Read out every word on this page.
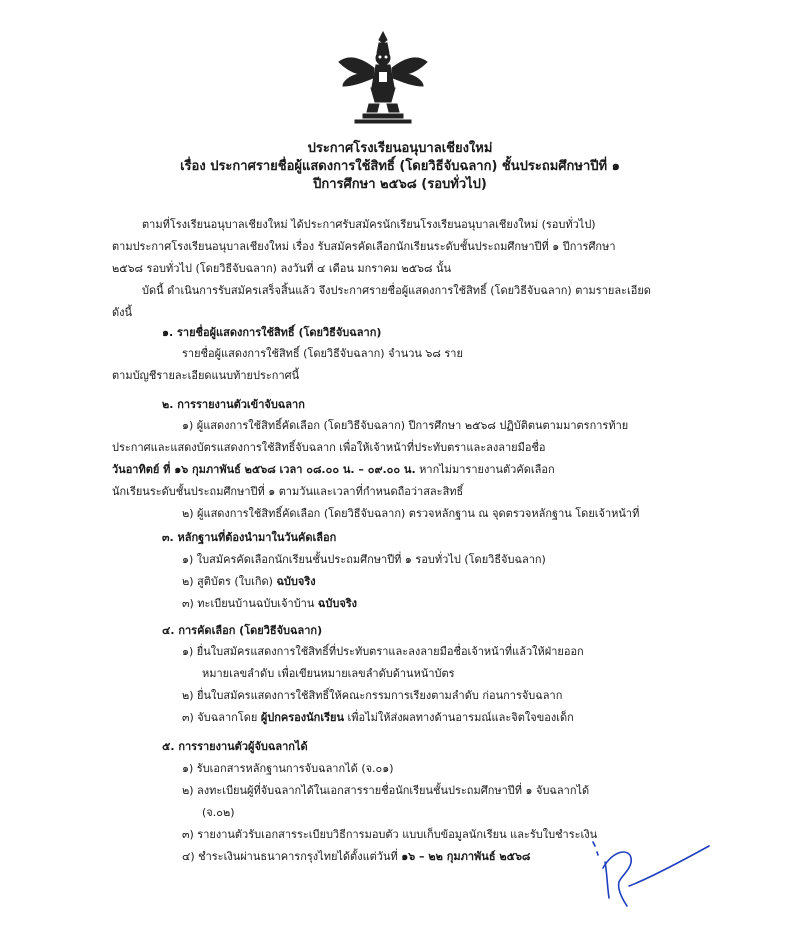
ประกาศโรงเรียนอนุบาลเชียงใหม่
เรื่อง ประกาศรายชื่อผู้แสดงการใช้สิทธิ์ (โดยวิธีจับฉลาก) ชั้นประถมศึกษาปีที่ ๑
ปีการศึกษา ๒๕๖๘ (รอบทั่วไป)
ตามที่โรงเรียนอนุบาลเชียงใหม่ ได้ประกาศรับสมัครนักเรียนโรงเรียนอนุบาลเชียงใหม่ (รอบทั่วไป)
ตามประกาศโรงเรียนอนุบาลเชียงใหม่ เรื่อง รับสมัครคัดเลือกนักเรียนระดับชั้นประถมศึกษาปีที่ ๑ ปีการศึกษา
๒๕๖๘ รอบทั่วไป (โดยวิธีจับฉลาก) ลงวันที่ ๔ เดือน มกราคม ๒๕๖๘ นั้น
บัดนี้ ดำเนินการรับสมัครเสร็จสิ้นแล้ว จึงประกาศรายชื่อผู้แสดงการใช้สิทธิ์ (โดยวิธีจับฉลาก) ตามรายละเอียด
ดังนี้
๑. รายชื่อผู้แสดงการใช้สิทธิ์ (โดยวิธีจับฉลาก)
รายชื่อผู้แสดงการใช้สิทธิ์ (โดยวิธีจับฉลาก) จำนวน ๖๘ ราย
ตามบัญชีรายละเอียดแนบท้ายประกาศนี้
๒. การรายงานตัวเข้าจับฉลาก
๑) ผู้แสดงการใช้สิทธิ์คัดเลือก (โดยวิธีจับฉลาก) ปีการศึกษา ๒๕๖๘ ปฏิบัติตนตามมาตรการท้าย
ประกาศและแสดงบัตรแสดงการใช้สิทธิ์จับฉลาก เพื่อให้เจ้าหน้าที่ประทับตราและลงลายมือชื่อ
วันอาทิตย์ ที่ ๑๖ กุมภาพันธ์ ๒๕๖๘ เวลา ๐๘.๐๐ น. – ๐๙.๐๐ น. หากไม่มารายงานตัวคัดเลือก
นักเรียนระดับชั้นประถมศึกษาปีที่ ๑ ตามวันและเวลาที่กำหนดถือว่าสละสิทธิ์
๒) ผู้แสดงการใช้สิทธิ์คัดเลือก (โดยวิธีจับฉลาก) ตรวจหลักฐาน ณ จุดตรวจหลักฐาน โดยเจ้าหน้าที่
๓. หลักฐานที่ต้องนำมาในวันคัดเลือก
๑) ใบสมัครคัดเลือกนักเรียนชั้นประถมศึกษาปีที่ ๑ รอบทั่วไป (โดยวิธีจับฉลาก)
๒) สูติบัตร (ใบเกิด) ฉบับจริง
๓) ทะเบียนบ้านฉบับเจ้าบ้าน ฉบับจริง
๔. การคัดเลือก (โดยวิธีจับฉลาก)
๑) ยื่นใบสมัครแสดงการใช้สิทธิ์ที่ประทับตราและลงลายมือชื่อเจ้าหน้าที่แล้วให้ฝ่ายออก
หมายเลขลำดับ เพื่อเขียนหมายเลขลำดับด้านหน้าบัตร
๒) ยื่นใบสมัครแสดงการใช้สิทธิ์ให้คณะกรรมการเรียงตามลำดับ ก่อนการจับฉลาก
๓) จับฉลากโดย ผู้ปกครองนักเรียน เพื่อไม่ให้ส่งผลทางด้านอารมณ์และจิตใจของเด็ก
๕. การรายงานตัวผู้จับฉลากได้
๑) รับเอกสารหลักฐานการจับฉลากได้ (จ.๐๑)
๒) ลงทะเบียนผู้ที่จับฉลากได้ในเอกสารรายชื่อนักเรียนชั้นประถมศึกษาปีที่ ๑ จับฉลากได้
(จ.๐๒)
๓) รายงานตัวรับเอกสารระเบียบวิธีการมอบตัว แบบเก็บข้อมูลนักเรียน และรับใบชำระเงิน
๔) ชำระเงินผ่านธนาคารกรุงไทยได้ตั้งแต่วันที่ ๑๖ – ๒๒ กุมภาพันธ์ ๒๕๖๘
